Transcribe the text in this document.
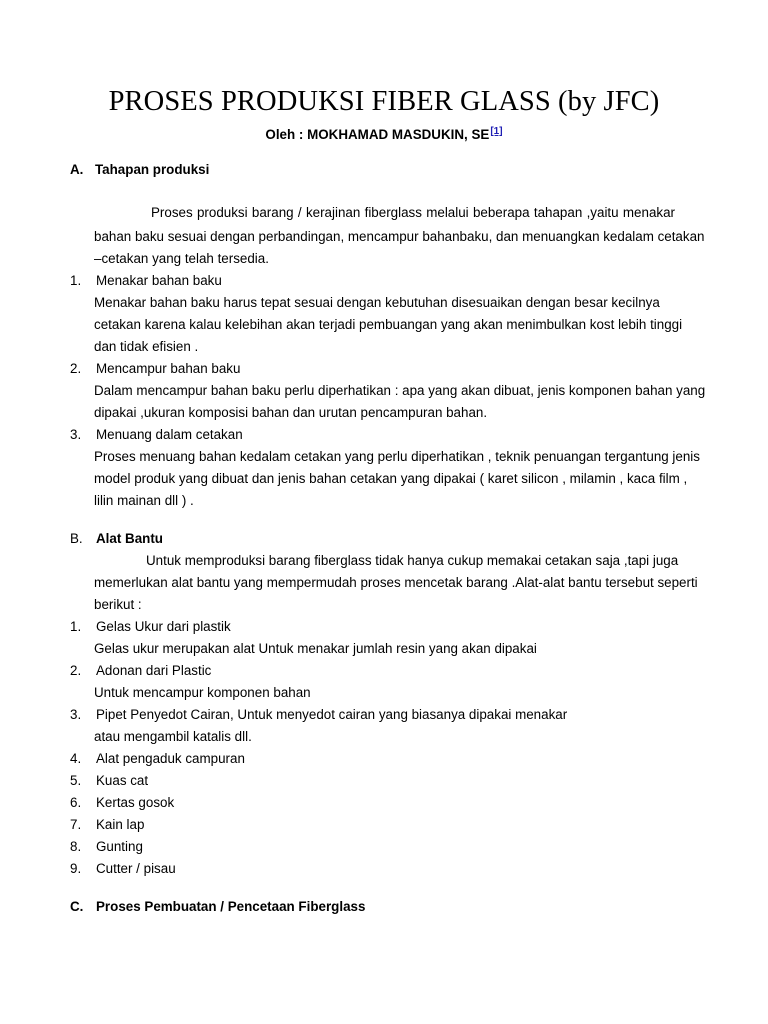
PROSES PRODUKSI FIBER GLASS (by JFC)
Oleh : MOKHAMAD MASDUKIN, SE[1]
A. Tahapan produksi
Proses produksi barang / kerajinan fiberglass melalui beberapa tahapan ,yaitu menakar
bahan baku sesuai dengan perbandingan, mencampur bahanbaku, dan menuangkan kedalam cetakan
–cetakan yang telah tersedia.
1. Menakar bahan baku
Menakar bahan baku harus tepat sesuai dengan kebutuhan disesuaikan dengan besar kecilnya
cetakan karena kalau kelebihan akan terjadi pembuangan yang akan menimbulkan kost lebih tinggi
dan tidak efisien .
2. Mencampur bahan baku
Dalam mencampur bahan baku perlu diperhatikan : apa yang akan dibuat, jenis komponen bahan yang
dipakai ,ukuran komposisi bahan dan urutan pencampuran bahan.
3. Menuang dalam cetakan
Proses menuang bahan kedalam cetakan yang perlu diperhatikan , teknik penuangan tergantung jenis
model produk yang dibuat dan jenis bahan cetakan yang dipakai ( karet silicon , milamin , kaca film ,
lilin mainan dll ) .
B. Alat Bantu
Untuk memproduksi barang fiberglass tidak hanya cukup memakai cetakan saja ,tapi juga
memerlukan alat bantu yang mempermudah proses mencetak barang .Alat-alat bantu tersebut seperti
berikut :
1. Gelas Ukur dari plastik
Gelas ukur merupakan alat Untuk menakar jumlah resin yang akan dipakai
2. Adonan dari Plastic
Untuk mencampur komponen bahan
3. Pipet Penyedot Cairan, Untuk menyedot cairan yang biasanya dipakai menakar
atau mengambil katalis dll.
4. Alat pengaduk campuran
5. Kuas cat
6. Kertas gosok
7. Kain lap
8. Gunting
9. Cutter / pisau
C. Proses Pembuatan / Pencetaan Fiberglass
